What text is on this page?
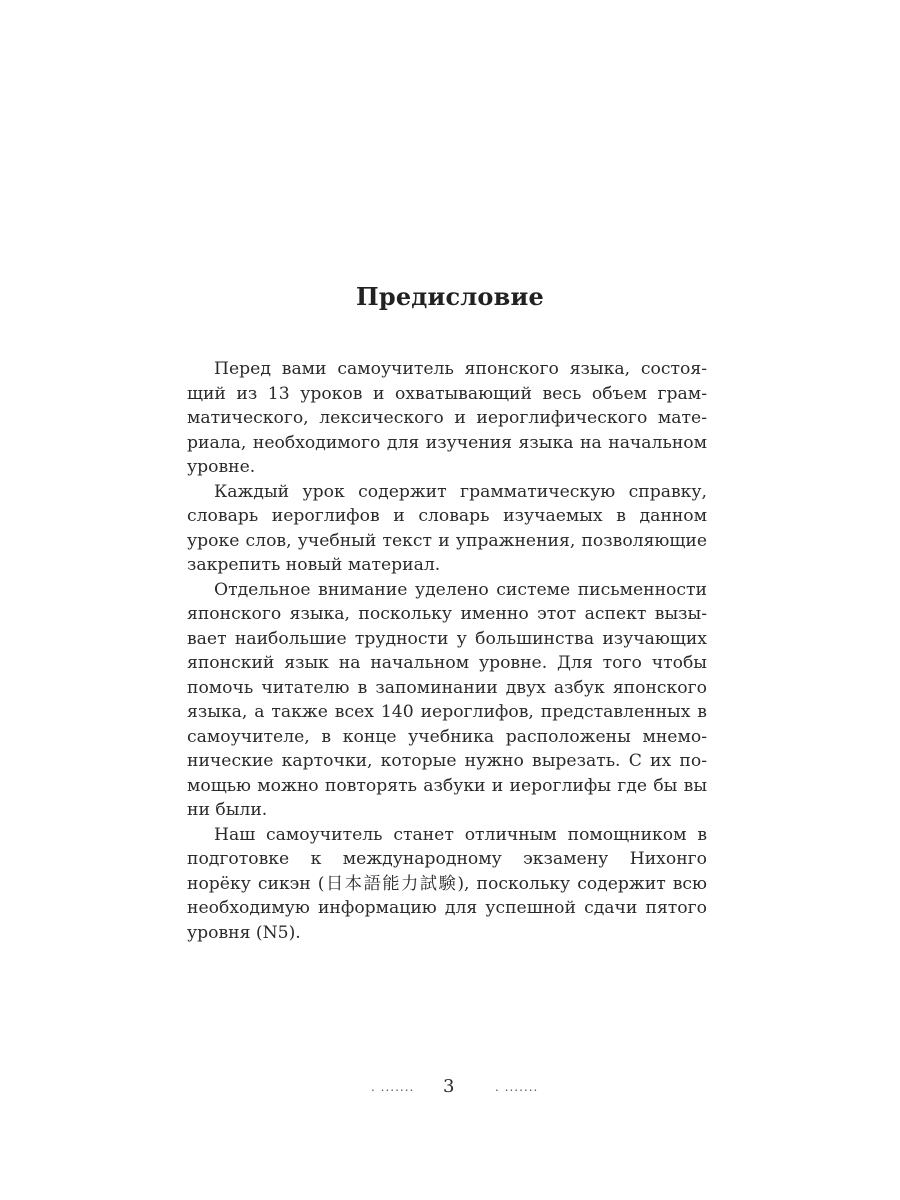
Предисловие

Перед вами самоучитель японского языка, состоящий из 13 уроков и охватывающий весь объем грамматического, лексического и иероглифического материала, необходимого для изучения языка на начальном уровне.

Каждый урок содержит грамматическую справку, словарь иероглифов и словарь изучаемых в данном уроке слов, учебный текст и упражнения, позволяющие закрепить новый материал.

Отдельное внимание уделено системе письменности японского языка, поскольку именно этот аспект вызывает наибольшие трудности у большинства изучающих японский язык на начальном уровне. Для того чтобы помочь читателю в запоминании двух азбук японского языка, а также всех 140 иероглифов, представленных в самоучителе, в конце учебника расположены мнемонические карточки, которые нужно вырезать. С их помощью можно повторять азбуки и иероглифы где бы вы ни были.

Наш самоучитель станет отличным помощником в подготовке к международному экзамену Нихонго норёку сикэн (日本語能力試験), поскольку содержит всю необходимую информацию для успешной сдачи пятого уровня (N5).

. ....... 3	. .......
